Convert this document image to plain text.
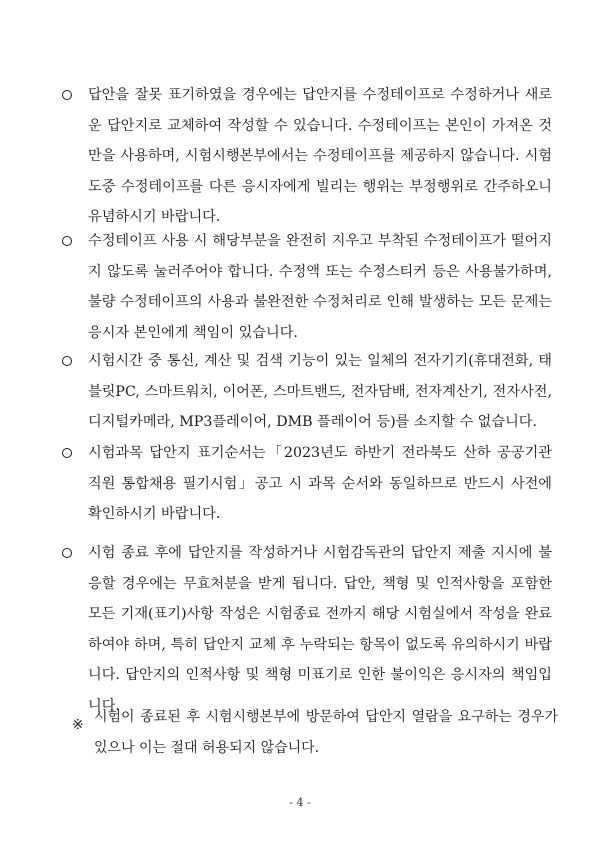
답안을 잘못 표기하였을 경우에는 답안지를 수정테이프로 수정하거나 새로운 답안지로 교체하여 작성할 수 있습니다. 수정테이프는 본인이 가져온 것만을 사용하며, 시험시행본부에서는 수정테이프를 제공하지 않습니다. 시험 도중 수정테이프를 다른 응시자에게 빌리는 행위는 부정행위로 간주하오니 유념하시기 바랍니다.
수정테이프 사용 시 해당부분을 완전히 지우고 부착된 수정테이프가 떨어지지 않도록 눌러주어야 합니다. 수정액 또는 수정스티커 등은 사용불가하며, 불량 수정테이프의 사용과 불완전한 수정처리로 인해 발생하는 모든 문제는 응시자 본인에게 책임이 있습니다.
시험시간 중 통신, 계산 및 검색 기능이 있는 일체의 전자기기(휴대전화, 태블릿PC, 스마트워치, 이어폰, 스마트밴드, 전자담배, 전자계산기, 전자사전, 디지털카메라, MP3플레이어, DMB 플레이어 등)를 소지할 수 없습니다.
시험과목 답안지 표기순서는「2023년도 하반기 전라북도 산하 공공기관 직원 통합채용 필기시험」공고 시 과목 순서와 동일하므로 반드시 사전에 확인하시기 바랍니다.
시험 종료 후에 답안지를 작성하거나 시험감독관의 답안지 제출 지시에 불응할 경우에는 무효처분을 받게 됩니다. 답안, 책형 및 인적사항을 포함한 모든 기재(표기)사항 작성은 시험종료 전까지 해당 시험실에서 작성을 완료하여야 하며, 특히 답안지 교체 후 누락되는 항목이 없도록 유의하시기 바랍니다. 답안지의 인적사항 및 책형 미표기로 인한 불이익은 응시자의 책임입니다.
※ 시험이 종료된 후 시험시행본부에 방문하여 답안지 열람을 요구하는 경우가 있으나 이는 절대 허용되지 않습니다.
- 4 -
